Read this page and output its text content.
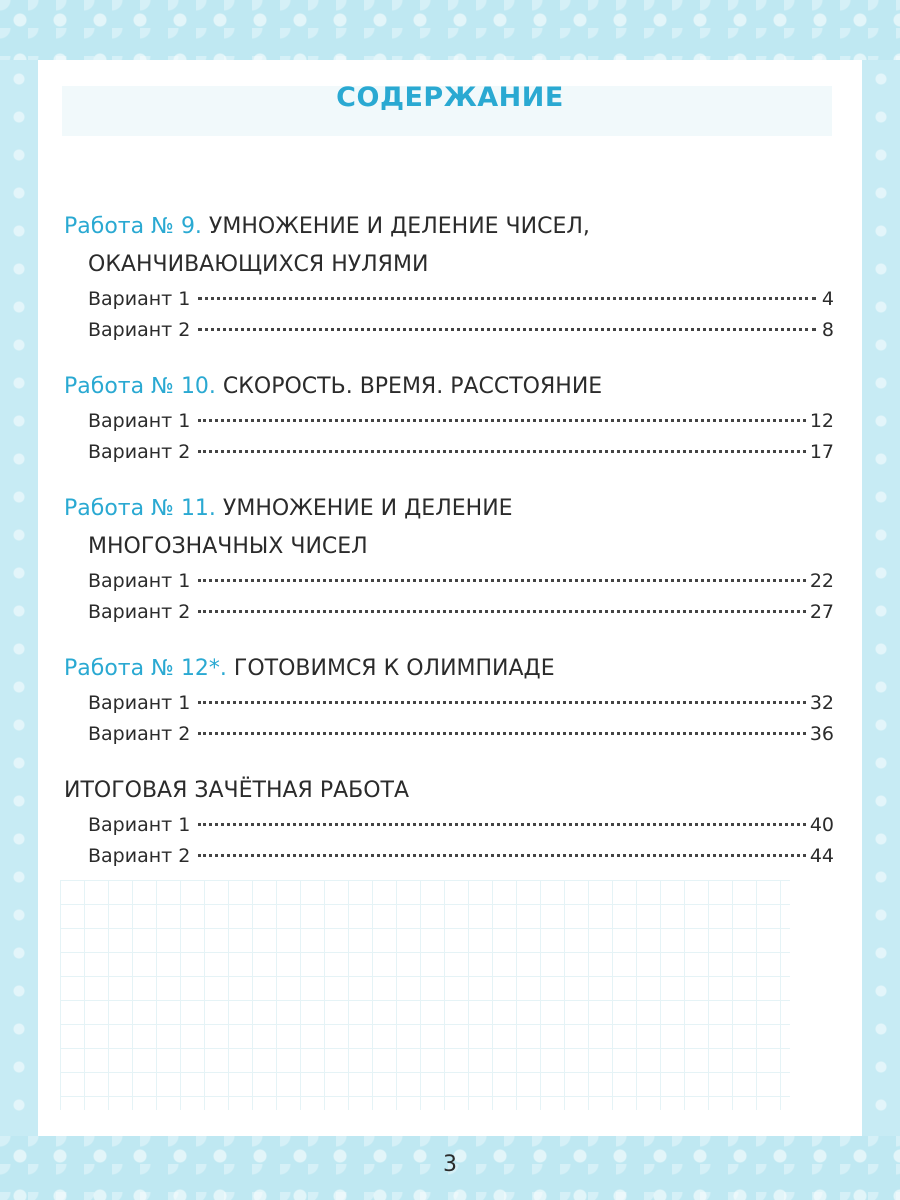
СОДЕРЖАНИЕ

Работа № 9. УМНОЖЕНИЕ И ДЕЛЕНИЕ ЧИСЕЛ,
ОКАНЧИВАЮЩИХСЯ НУЛЯМИ

Вариант 1	4
Вариант 2	8

Работа № 10. СКОРОСТЬ. ВРЕМЯ. РАССТОЯНИЕ

Вариант 1	12
Вариант 2	17

Работа № 11. УМНОЖЕНИЕ И ДЕЛЕНИЕ
МНОГОЗНАЧНЫХ ЧИСЕЛ

Вариант 1	22
Вариант 2	27

Работа № 12*. ГОТОВИМСЯ К ОЛИМПИАДЕ

Вариант 1	32
Вариант 2	36

ИТОГОВАЯ ЗАЧЁТНАЯ РАБОТА

Вариант 1	40
Вариант 2	44
3
